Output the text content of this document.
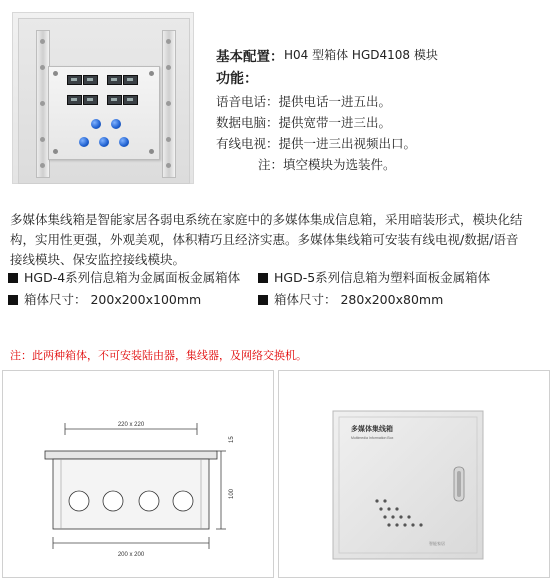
基本配置： H04 型箱体 HGD4108 模块
功能：
语音电话：提供电话一进五出。
数据电脑：提供宽带一进三出。
有线电视：提供一进三出视频出口。
注：填空模块为选装件。
多媒体集线箱是智能家居各弱电系统在家庭中的多媒体集成信息箱，采用暗装形式，模块化结构，实用性更强，外观美观，体积精巧且经济实惠。多媒体集线箱可安装有线电视/数据/语音接线模块、保安监控接线模块。
HGD-4系列信息箱为金属面板金属箱体	HGD-5系列信息箱为塑料面板金属箱体
箱体尺寸： 200x200x100mm	箱体尺寸： 280x200x80mm
注：此两种箱体，不可安装陆由器，集线器，及网络交换机。
220 x 220
15
100
200 x 200
多媒体集线箱
Multimedia Information Box
智能家居
